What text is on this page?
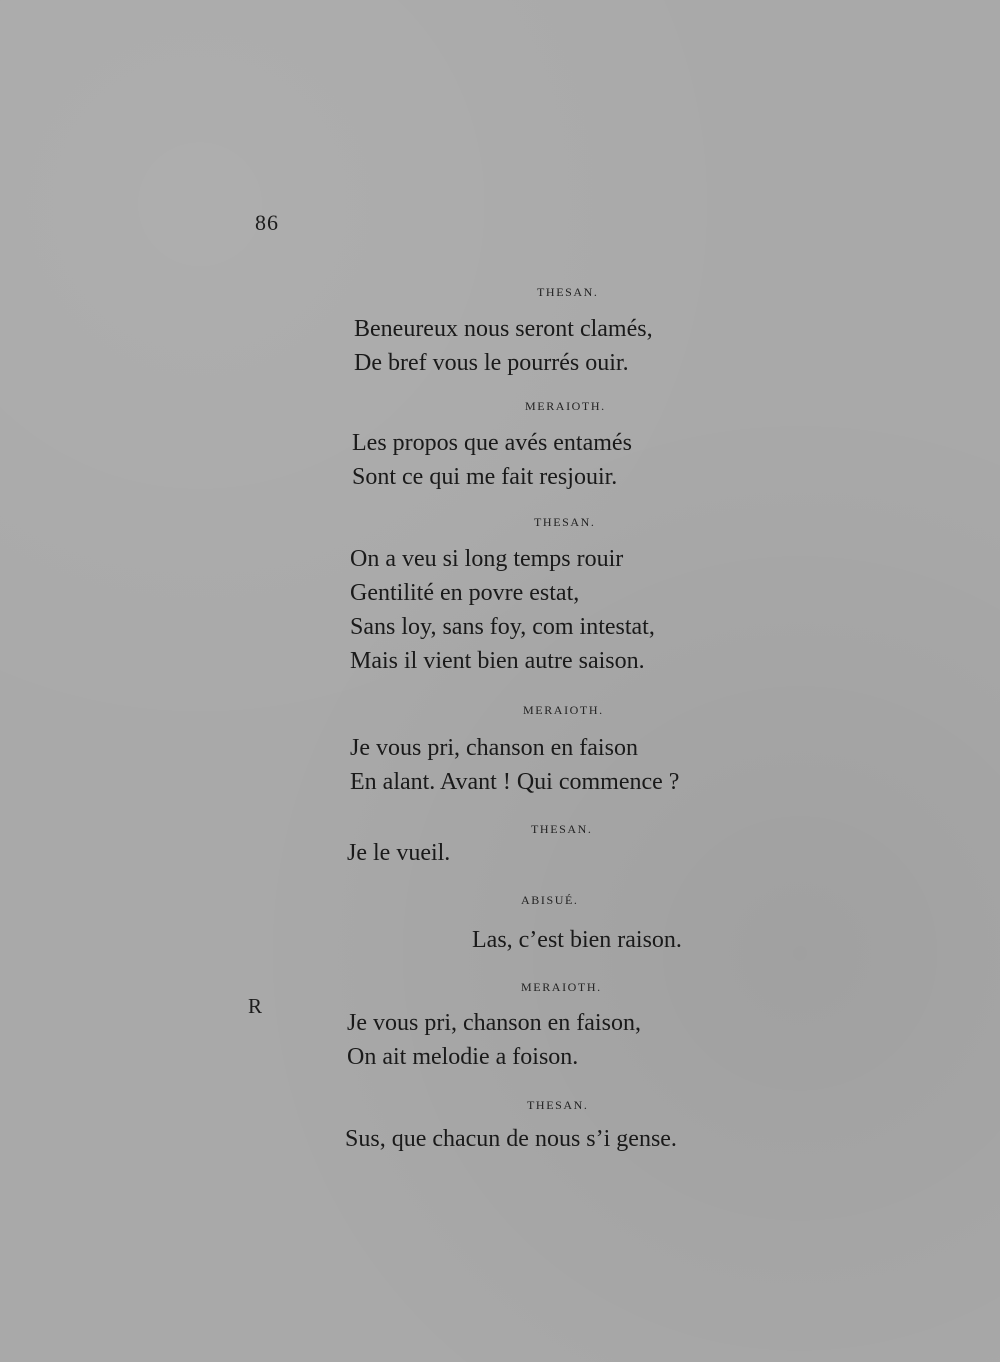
86
R
THESAN.
Beneureux nous seront clamés,
De bref vous le pourrés ouir.
MERAIOTH.
Les propos que avés entamés
Sont ce qui me fait resjouir.
THESAN.
On a veu si long temps rouir
Gentilité en povre estat,
Sans loy, sans foy, com intestat,
Mais il vient bien autre saison.
MERAIOTH.
Je vous pri, chanson en faison
En alant. Avant ! Qui commence ?
THESAN.
Je le vueil.
ABISUÉ.
Las, c’est bien raison.
MERAIOTH.
Je vous pri, chanson en faison,
On ait melodie a foison.
THESAN.
Sus, que chacun de nous s’i gense.
